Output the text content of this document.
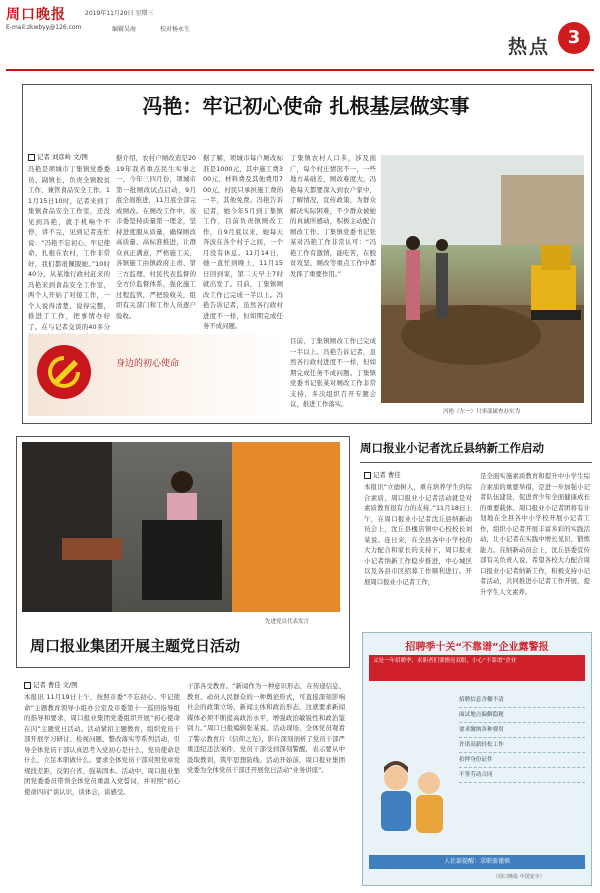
周口晚报	2019年11月20日 星期三
E-mail:zkwbyy@126.com	编辑吴海	校对杨永生
热点 3
冯艳：牢记初心使命 扎根基层做实事
记者 刘彦岭 文/图
冯艳是项城市丁集镇党委委员、副镇长，负责全镇脱贫工作，兼管食品安全工作。11月15日10时，记者来到丁集镇食品安全工作室，还没见到冯艳，就手机响个不停，讲不完，见到记者连忙说：“冯艳不忘初心、牢记使命，扎根在农村，工作非常好，我们都很佩服她。”10时40分，从某地行政村赶来的冯艳来到食品安全工作室，两个人开始了对接工作，一个人说得清楚、说得完整，推进了工作，把事情办好了。在与记者交谈的40多分
据介绍，农村户厕改造是2019年我省重点民生实事之一，今年三四月份，项城市第一批厕改试点启动，9月底全面推进，11月底全部完成厕改。在厕改工作中，该市委坚持质量第一理念，坚持进度服从质量，确保厕改高质量、高标准推进，让群众真正满意，严格施工关，各镇施工由镇政府主责、第三方监理、村民代表监督的全方位监督体系，强化施工过程监管，严把验收关，组织有关部门和工作人员逐户验收。
据了解，项城市每户厕改标准是1000元，其中施工费300元，材料费及其他费用700元，村民只承担施工费的一半，其他免费。冯艳告诉记者，她今年5月到丁集镇工作，目前负责镇厕改工作，自9月底以来，她每天奔波在各个村子之间，一个月没有休息。11月14日，她一直忙到晚上，11月15日回到家，第二天早上7时就出发了。目前，丁集镇厕改工作已完成一半以上。冯艳告诉记者，虽然各行政村进度不一样，但如期完成任务不成问题。
丁集镇农村人口多，涉及面广，每个村庄情况不一，一些地方基础差，厕改难度大，冯艳每天都要深入到农户家中，了解情况，宣传政策，为群众解决实际困难，不少群众被她的真诚所感动，积极主动配合厕改工作。丁集镇党委书记张某对冯艳工作非常认可：“冯艳工作有激情，能吃苦，在脱贫攻坚、厕改等重点工作中都发挥了重要作用。”
目前，丁集镇厕改工作已完成一半以上。冯艳告诉记者，虽然各行政村进度不一样，但如期完成任务不成问题。丁集镇党委书记张某对厕改工作非常支持，多次组织召开专题会议，推进工作落实。
身边的初心使命
冯艳（左一）只率部属查办实为
先进党员代表发言
周口报业集团开展主题党日活动
记者 曹佳 文/图
本报讯 11月19日上午，按照市委“不忘初心、牢记使命”主题教育领导小组办公室及市委第十一巡回指导组的指导和要求，周口报业集团党委组织开展“初心使命在闪”主题党日活动。活动紧扣主题教育，组织党员干部开展学习研讨、检视问题、整改落实等系列活动，引导全体党员干部认真思考入党初心是什么、党员使命是什么，立足本职做什么。要求全体党员干部对照党章党规找差距，反躬自省、强基固本。活动中，周口报业集团党委委员带领全体党员重温入党誓词，并对照“初心使命四问”谈认识，谈体会，谈感受。
干部各受教育。“新闻作为一种意识形态，在传递信息、教育、动员人民群众的一种舆论形式，可直接深刻影响社会的政策立场，新闻主体和政治形态，这就要求新闻媒体必须不断提高政治水平，增强政治敏锐性和政治鉴别力。”周口日报编辑张某说。活动现场，全体党员观看了警示教育片《信仰之光》，影片深刻剖析了党员干部严重违纪违法案件，党员干部受到深刻警醒，表示要从中汲取教训，筑牢思想防线。活动开始前，周口报业集团党委为全体党员干部还开展党日活动“业务讲座”。
周口报业小记者沈丘县纳新工作启动
记者 曹佳
本报讯“立德树人，重在培养学生的综合素质，周口报业小记者活动就是对素质教育很有力的支持。”11月18日上午，在周口报业小记者沈丘县纳新动员会上，沈丘县槐店镇中心校校长刘某说。连日来，在全县各中小学校的大力配合和家长的支持下，周口报业小记者纳新工作稳步推进，中心城区以及各县市区招募工作顺利进行。开展周口报业小记者工作，
是全面实施素质教育和提升中小学生综合素质的重要举措，是进一步加强小记者队伍建设，促进青少年全面健康成长的重要载体。周口报业小记者团将有计划地在全县各中小学校开展小记者工作，组织小记者开展丰富多彩的实践活动，让小记者在实践中增长见识、锻炼能力。在纳新动员会上，沈丘县委宣传部有关负责人说，希望各校大力配合周口报业小记者纳新工作，积极支持小记者活动，共同推进小记者工作开展，提升学生人文素养。
招聘季十关“不靠谱”企业露警报
又是一年招聘季，求职者们要擦亮双眼，小心“不靠谱”企业
招聘信息含糊不清
面试地点偏僻隐秘
要求缴纳各种费用
许诺高薪轻松工作
扣押身份证件
不签劳动合同
人社部提醒：求职需谨慎
（周口晚报·中国安全）
